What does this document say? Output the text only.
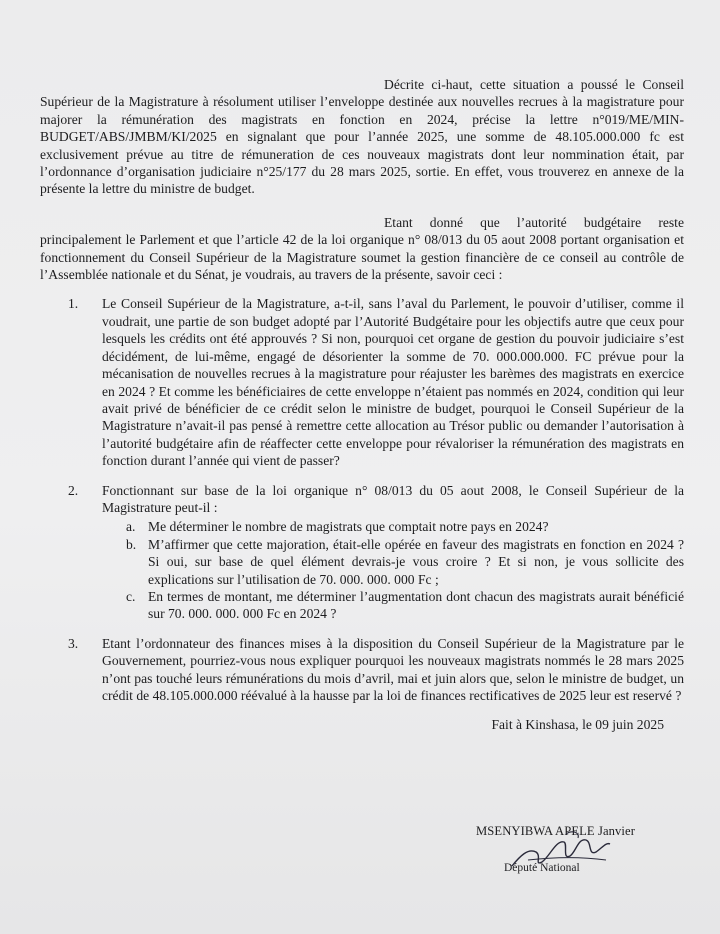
Décrite ci-haut, cette situation a poussé le Conseil Supérieur de la Magistrature à résolument utiliser l’enveloppe destinée aux nouvelles recrues à la magistrature pour majorer la rémunération des magistrats en fonction en 2024, précise la lettre n°019/ME/MIN-BUDGET/ABS/JMBM/KI/2025 en signalant que pour l’année 2025, une somme de 48.105.000.000 fc est exclusivement prévue au titre de rémuneration de ces nouveaux magistrats dont leur nommination était, par l’ordonnance d’organisation judiciaire n°25/177 du 28 mars 2025, sortie. En effet, vous trouverez en annexe de la présente la lettre du ministre de budget.

Etant donné que l’autorité budgétaire reste principalement le Parlement et que l’article 42 de la loi organique n° 08/013 du 05 aout 2008 portant organisation et fonctionnement du Conseil Supérieur de la Magistrature soumet la gestion financière de ce conseil au contrôle de l’Assemblée nationale et du Sénat, je voudrais, au travers de la présente, savoir ceci :

1. Le Conseil Supérieur de la Magistrature, a-t-il, sans l’aval du Parlement, le pouvoir d’utiliser, comme il voudrait, une partie de son budget adopté par l’Autorité Budgétaire pour les objectifs autre que ceux pour lesquels les crédits ont été approuvés ? Si non, pourquoi cet organe de gestion du pouvoir judiciaire s’est décidément, de lui-même, engagé de désorienter la somme de 70. 000.000.000. FC prévue pour la mécanisation de nouvelles recrues à la magistrature pour réajuster les barèmes des magistrats en exercice en 2024 ? Et comme les bénéficiaires de cette enveloppe n’étaient pas nommés en 2024, condition qui leur avait privé de bénéficier de ce crédit selon le ministre de budget, pourquoi le Conseil Supérieur de la Magistrature n’avait-il pas pensé à remettre cette allocation au Trésor public ou demander l’autorisation à l’autorité budgétaire afin de réaffecter cette enveloppe pour révaloriser la rémunération des magistrats en fonction durant l’année qui vient de passer?
2. Fonctionnant sur base de la loi organique n° 08/013 du 05 aout 2008, le Conseil Supérieur de la Magistrature peut-il :
a. Me déterminer le nombre de magistrats que comptait notre pays en 2024?
b. M’affirmer que cette majoration, était-elle opérée en faveur des magistrats en fonction en 2024 ? Si oui, sur base de quel élément devrais-je vous croire ? Et si non, je vous sollicite des explications sur l’utilisation de 70. 000. 000. 000 Fc ;
c. En termes de montant, me déterminer l’augmentation dont chacun des magistrats aurait bénéficié sur 70. 000. 000. 000 Fc en 2024 ?
3. Etant l’ordonnateur des finances mises à la disposition du Conseil Supérieur de la Magistrature par le Gouvernement, pourriez-vous nous expliquer pourquoi les nouveaux magistrats nommés le 28 mars 2025 n’ont pas touché leurs rémunérations du mois d’avril, mai et juin alors que, selon le ministre de budget, un crédit de 48.105.000.000 réévalué à la hausse par la loi de finances rectificatives de 2025 leur est reservé ?

Fait à Kinshasa, le 09 juin 2025

MSENYIBWA APELE Janvier
Député National
